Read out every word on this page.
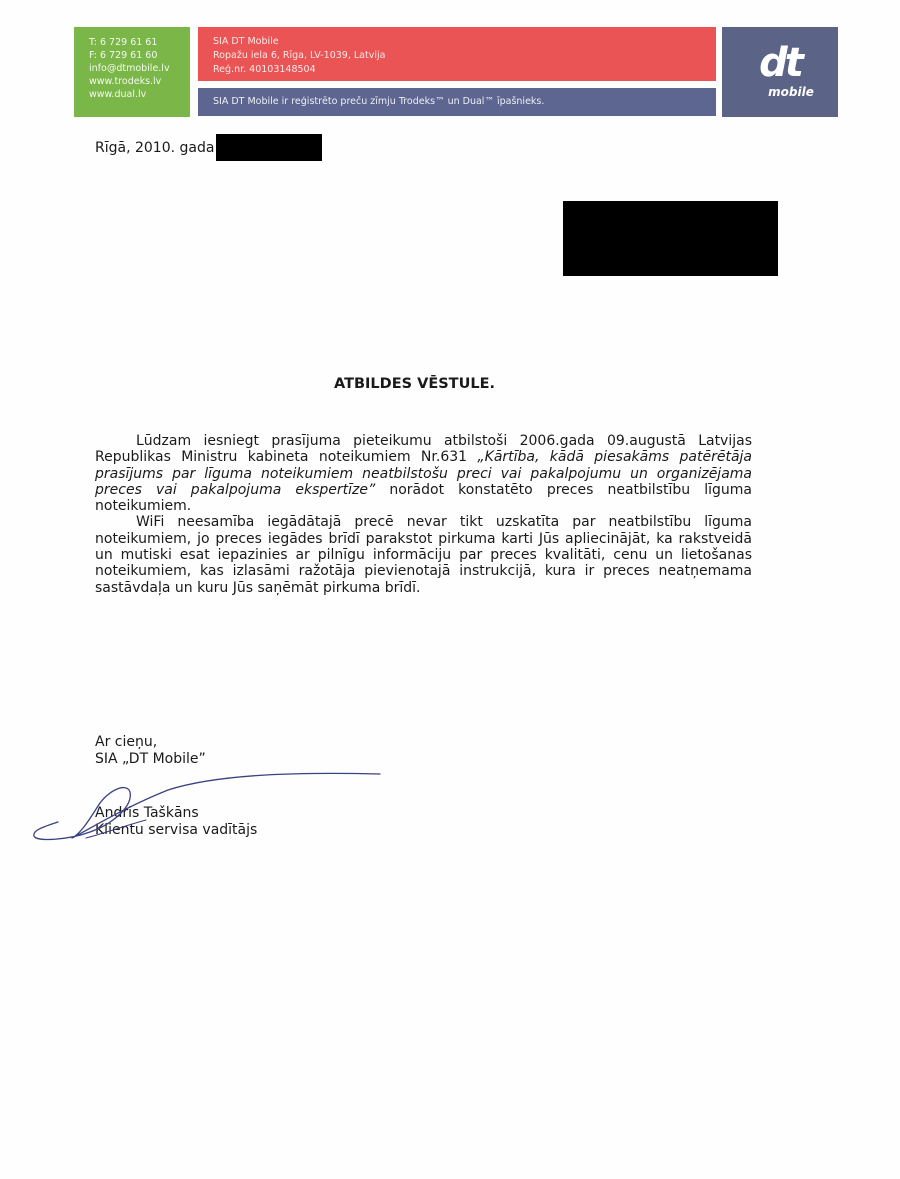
T: 6 729 61 61
F: 6 729 61 60
info@dtmobile.lv
www.trodeks.lv
www.dual.lv
SIA DT Mobile
Ropažu iela 6, Rīga, LV-1039, Latvija
Reģ.nr. 40103148504
SIA DT Mobile ir reģistrēto preču zīmju Trodeks™ un Dual™ īpašnieks.
dt
mobile
Rīgā, 2010. gada
ATBILDES VĒSTULE.

Lūdzam iesniegt prasījuma pieteikumu atbilstoši 2006.gada 09.augustā Latvijas Republikas Ministru kabineta noteikumiem Nr.631 „Kārtība, kādā piesakāms patērētāja prasījums par līguma noteikumiem neatbilstošu preci vai pakalpojumu un organizējama preces vai pakalpojuma ekspertīze” norādot konstatēto preces neatbilstību līguma noteikumiem.

WiFi neesamība iegādātajā precē nevar tikt uzskatīta par neatbilstību līguma noteikumiem, jo preces iegādes brīdī parakstot pirkuma karti Jūs apliecinājāt, ka rakstveidā un mutiski esat iepazinies ar pilnīgu informāciju par preces kvalitāti, cenu un lietošanas noteikumiem, kas izlasāmi ražotāja pievienotajā instrukcijā, kura ir preces neatņemama sastāvdaļa un kuru Jūs saņēmāt pirkuma brīdī.

Ar cieņu,
SIA „DT Mobile”
Andris Taškāns
Klientu servisa vadītājs
